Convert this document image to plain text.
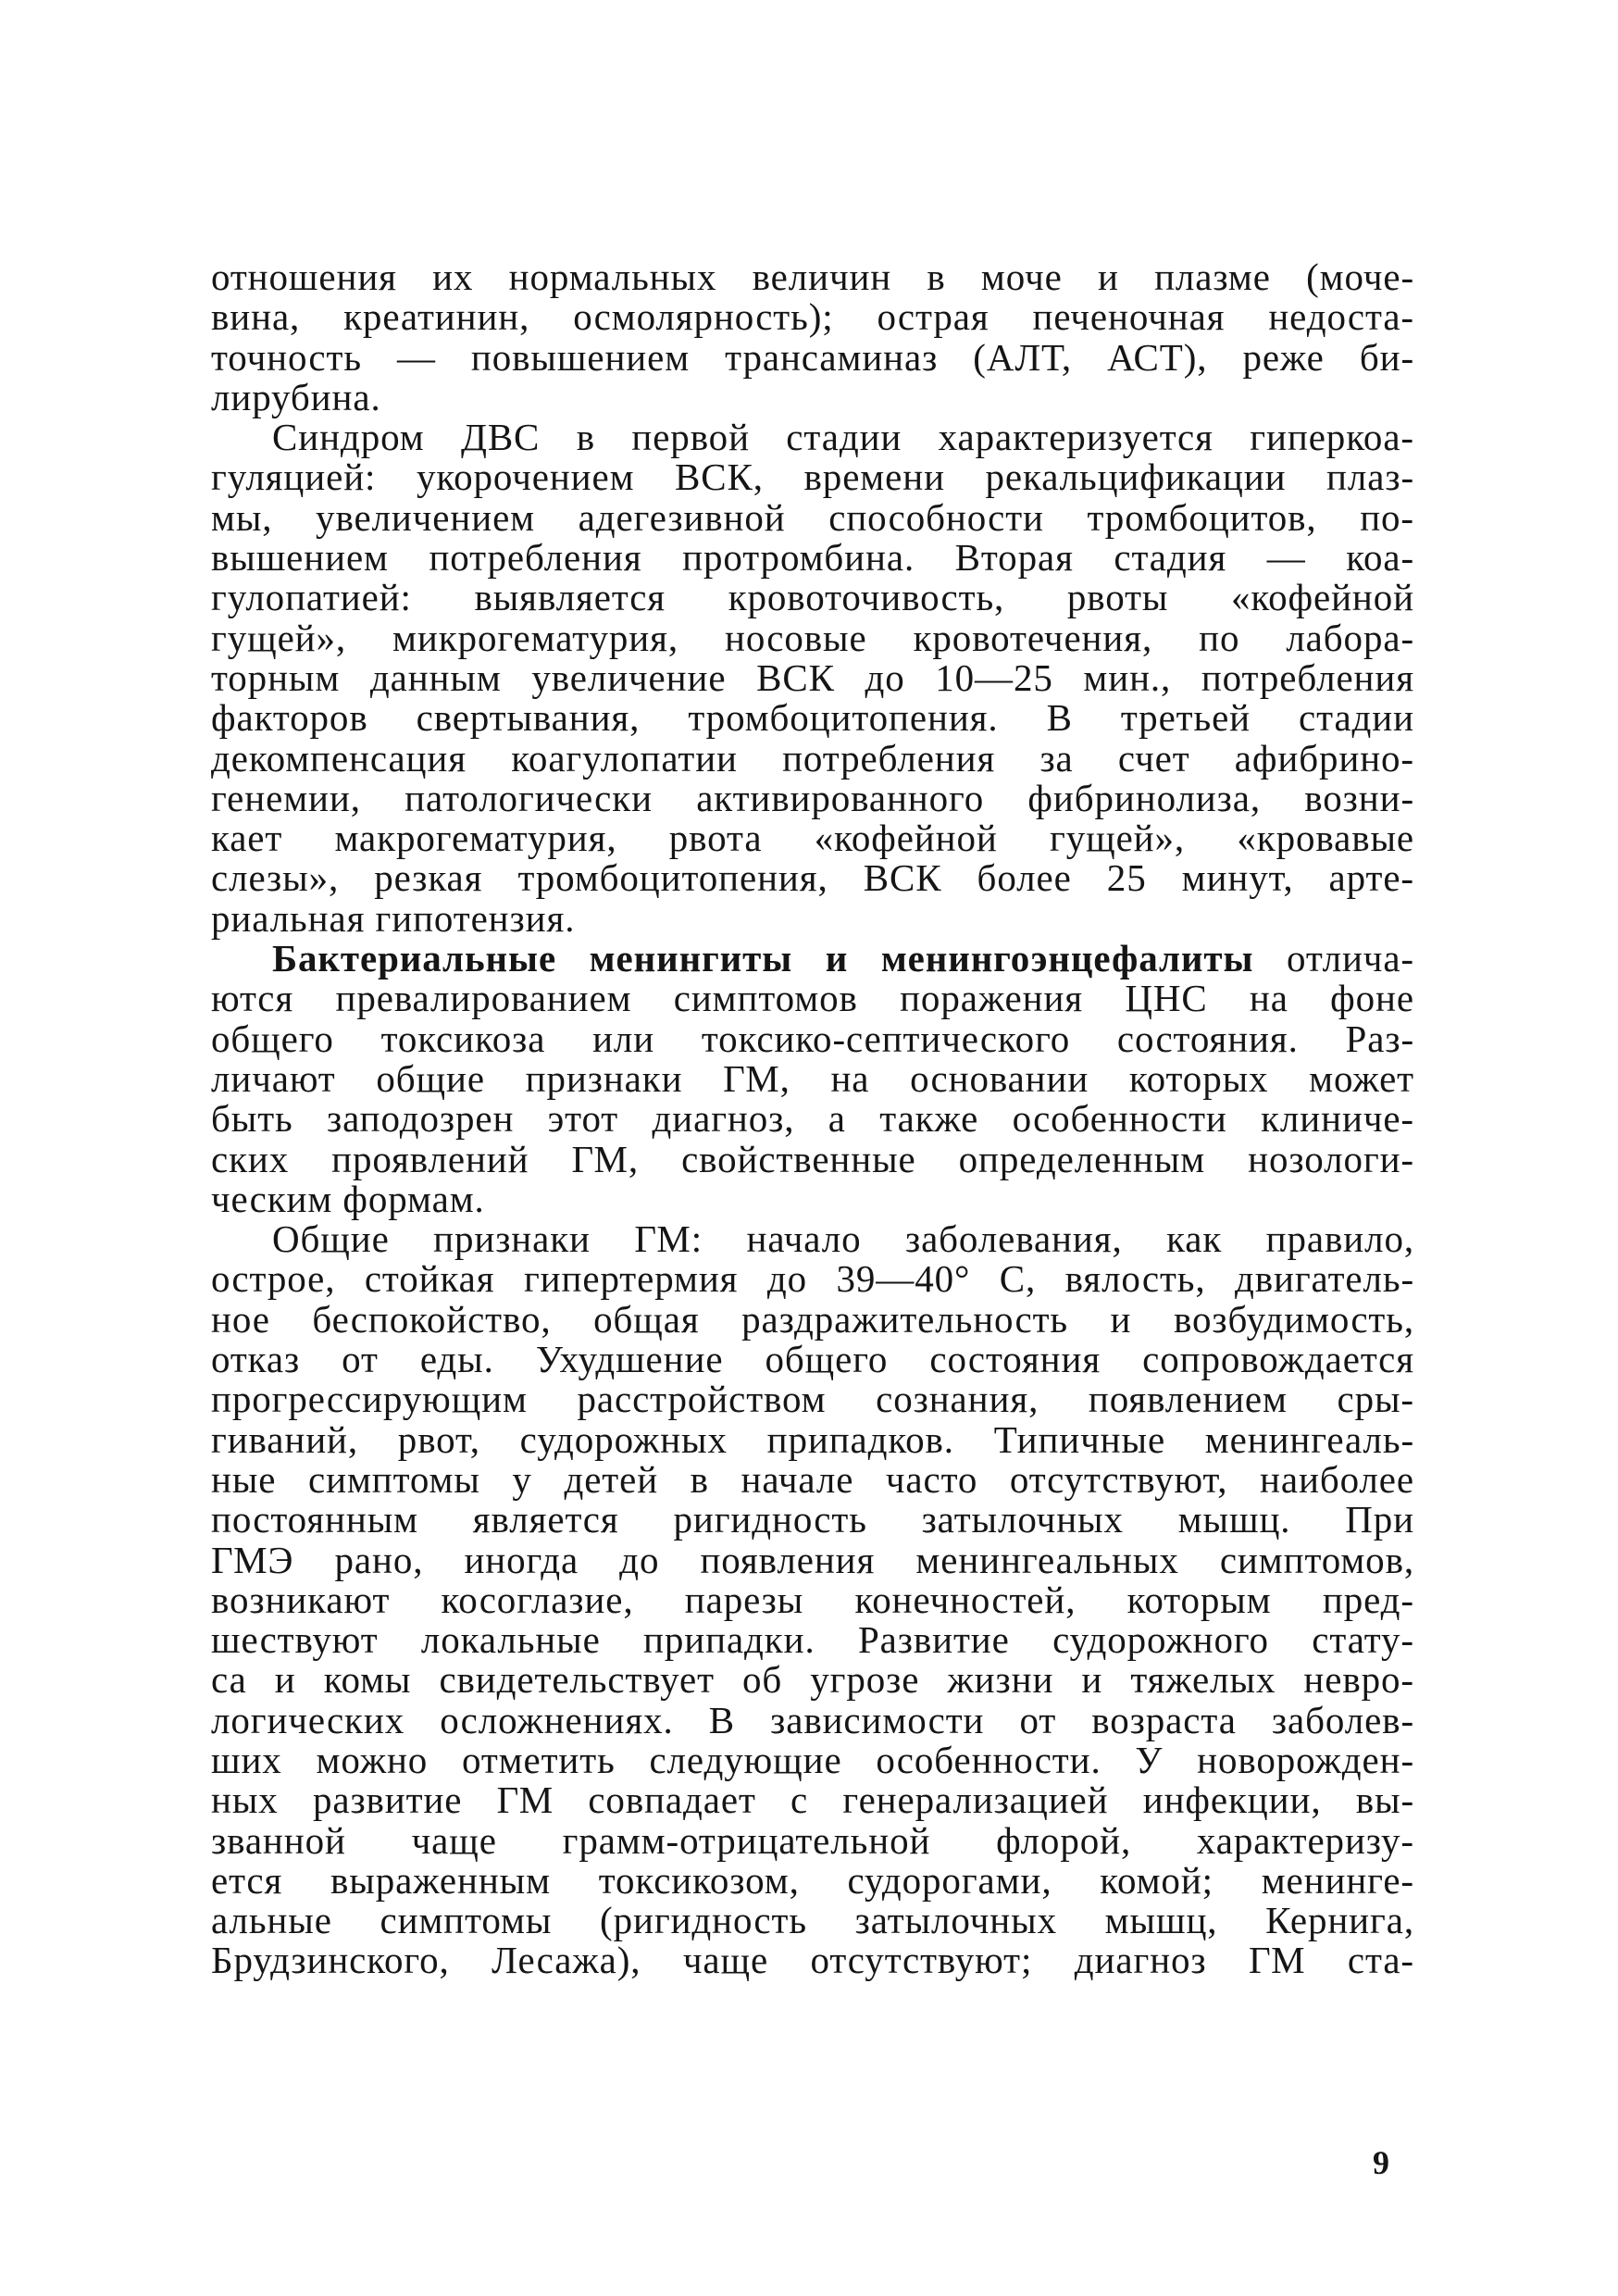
отношения их нормальных величин в моче и плазме (моче-
вина, креатинин, осмолярность); острая печеночная недоста-
точность — повышением трансаминаз (АЛТ, АСТ), реже би-
лирубина.
Синдром ДВС в первой стадии характеризуется гиперкоа-
гуляцией: укорочением ВСК, времени рекальцификации плаз-
мы, увеличением адегезивной способности тромбоцитов, по-
вышением потребления протромбина. Вторая стадия — коа-
гулопатией: выявляется кровоточивость, рвоты «кофейной
гущей», микрогематурия, носовые кровотечения, по лабора-
торным данным увеличение ВСК до 10—25 мин., потребления
факторов свертывания, тромбоцитопения. В третьей стадии
декомпенсация коагулопатии потребления за счет афибрино-
генемии, патологически активированного фибринолиза, возни-
кает макрогематурия, рвота «кофейной гущей», «кровавые
слезы», резкая тромбоцитопения, ВСК более 25 минут, арте-
риальная гипотензия.
Бактериальные менингиты и менингоэнцефалиты отлича-
ются превалированием симптомов поражения ЦНС на фоне
общего токсикоза или токсико-септического состояния. Раз-
личают общие признаки ГМ, на основании которых может
быть заподозрен этот диагноз, а также особенности клиниче-
ских проявлений ГМ, свойственные определенным нозологи-
ческим формам.
Общие признаки ГМ: начало заболевания, как правило,
острое, стойкая гипертермия до 39—40° С, вялость, двигатель-
ное беспокойство, общая раздражительность и возбудимость,
отказ от еды. Ухудшение общего состояния сопровождается
прогрессирующим расстройством сознания, появлением сры-
гиваний, рвот, судорожных припадков. Типичные менингеаль-
ные симптомы у детей в начале часто отсутствуют, наиболее
постоянным является ригидность затылочных мышц. При
ГМЭ рано, иногда до появления менингеальных симптомов,
возникают косоглазие, парезы конечностей, которым пред-
шествуют локальные припадки. Развитие судорожного стату-
са и комы свидетельствует об угрозе жизни и тяжелых невро-
логических осложнениях. В зависимости от возраста заболев-
ших можно отметить следующие особенности. У новорожден-
ных развитие ГМ совпадает с генерализацией инфекции, вы-
званной чаще грамм-отрицательной флорой, характеризу-
ется выраженным токсикозом, судорогами, комой; менинге-
альные симптомы (ригидность затылочных мышц, Кернига,
Брудзинского, Лесажа), чаще отсутствуют; диагноз ГМ ста-
9
